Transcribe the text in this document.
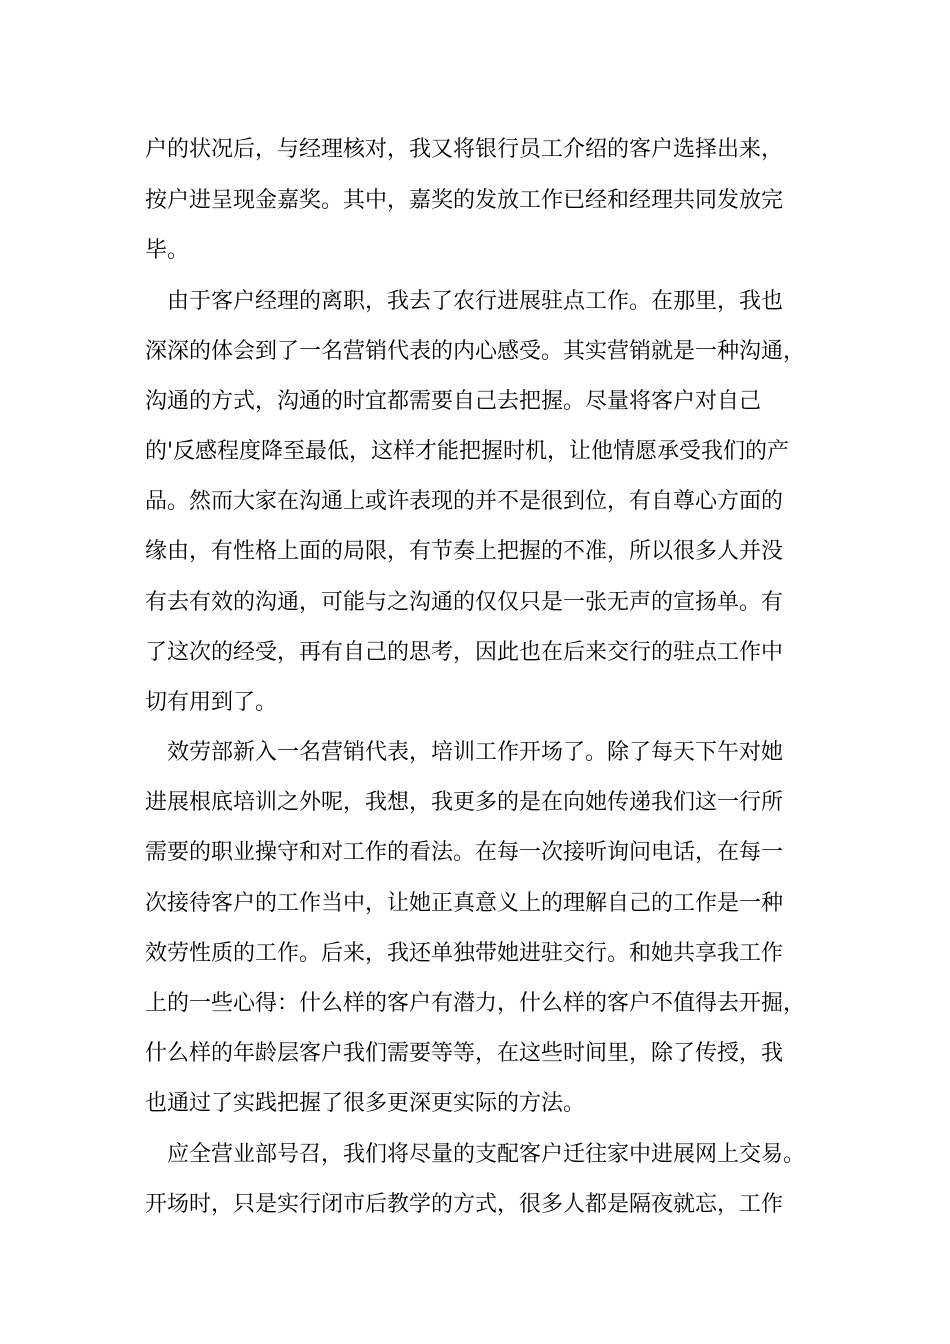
户的状况后，与经理核对，我又将银行员工介绍的客户选择出来，

按户进呈现金嘉奖。其中，嘉奖的发放工作已经和经理共同发放完

毕。

由于客户经理的离职，我去了农行进展驻点工作。在那里，我也

深深的体会到了一名营销代表的内心感受。其实营销就是一种沟通，

沟通的方式，沟通的时宜都需要自己去把握。尽量将客户对自己

的'反感程度降至最低，这样才能把握时机，让他情愿承受我们的产

品。然而大家在沟通上或许表现的并不是很到位，有自尊心方面的

缘由，有性格上面的局限，有节奏上把握的不准，所以很多人并没

有去有效的沟通，可能与之沟通的仅仅只是一张无声的宣扬单。有

了这次的经受，再有自己的思考，因此也在后来交行的驻点工作中

切有用到了。

效劳部新入一名营销代表，培训工作开场了。除了每天下午对她

进展根底培训之外呢，我想，我更多的是在向她传递我们这一行所

需要的职业操守和对工作的看法。在每一次接听询问电话，在每一

次接待客户的工作当中，让她正真意义上的理解自己的工作是一种

效劳性质的工作。后来，我还单独带她进驻交行。和她共享我工作

上的一些心得：什么样的客户有潜力，什么样的客户不值得去开掘，

什么样的年龄层客户我们需要等等，在这些时间里，除了传授，我

也通过了实践把握了很多更深更实际的方法。

应全营业部号召，我们将尽量的支配客户迁往家中进展网上交易。

开场时，只是实行闭市后教学的方式，很多人都是隔夜就忘，工作
